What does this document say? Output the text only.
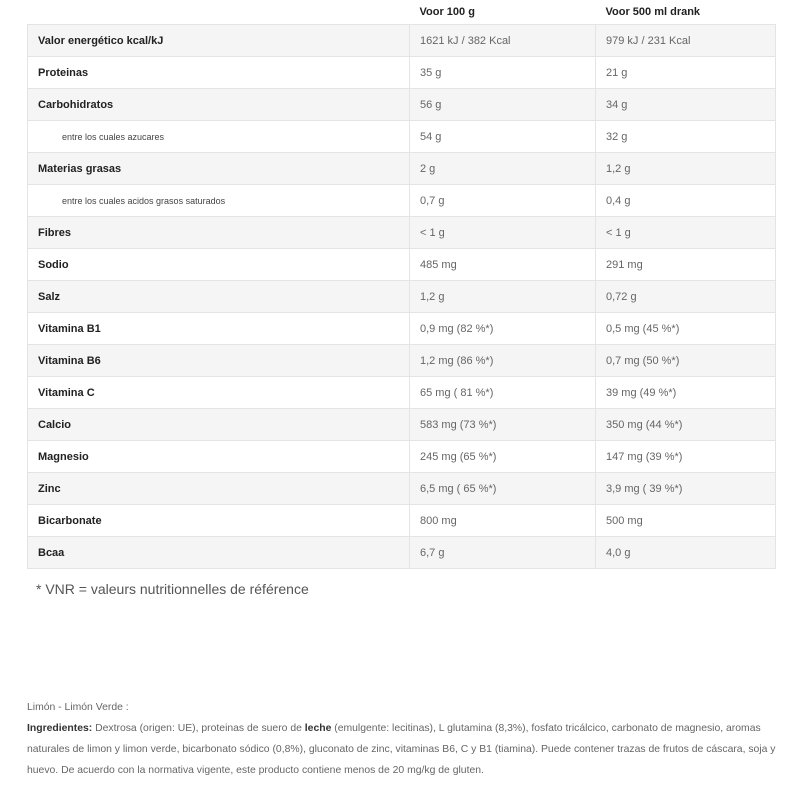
	Voor 100 g	Voor 500 ml drank
Valor energético kcal/kJ	1621 kJ / 382 Kcal	979 kJ / 231 Kcal
Proteinas	35 g	21 g
Carbohidratos	56 g	34 g
entre los cuales azucares	54 g	32 g
Materias grasas	2 g	1,2 g
entre los cuales acidos grasos saturados	0,7 g	0,4 g
Fibres	< 1 g	< 1 g
Sodio	485 mg	291 mg
Salz	1,2 g	0,72 g
Vitamina B1	0,9 mg (82 %*)	0,5 mg (45 %*)
Vitamina B6	1,2 mg (86 %*)	0,7 mg (50 %*)
Vitamina C	65 mg ( 81 %*)	39 mg (49 %*)
Calcio	583 mg (73 %*)	350 mg (44 %*)
Magnesio	245 mg (65 %*)	147 mg (39 %*)
Zinc	6,5 mg ( 65 %*)	3,9 mg ( 39 %*)
Bicarbonate	800 mg	500 mg
Bcaa	6,7 g	4,0 g
* VNR = valeurs nutritionnelles de référence
Limón - Limón Verde :
Ingredientes: Dextrosa (origen: UE), proteinas de suero de leche (emulgente: lecitinas), L glutamina (8,3%), fosfato tricálcico, carbonato de magnesio, aromas naturales de limon y limon verde, bicarbonato sódico (0,8%), gluconato de zinc, vitaminas B6, C y B1 (tiamina). Puede contener trazas de frutos de cáscara, soja y huevo. De acuerdo con la normativa vigente, este producto contiene menos de 20 mg/kg de gluten.
